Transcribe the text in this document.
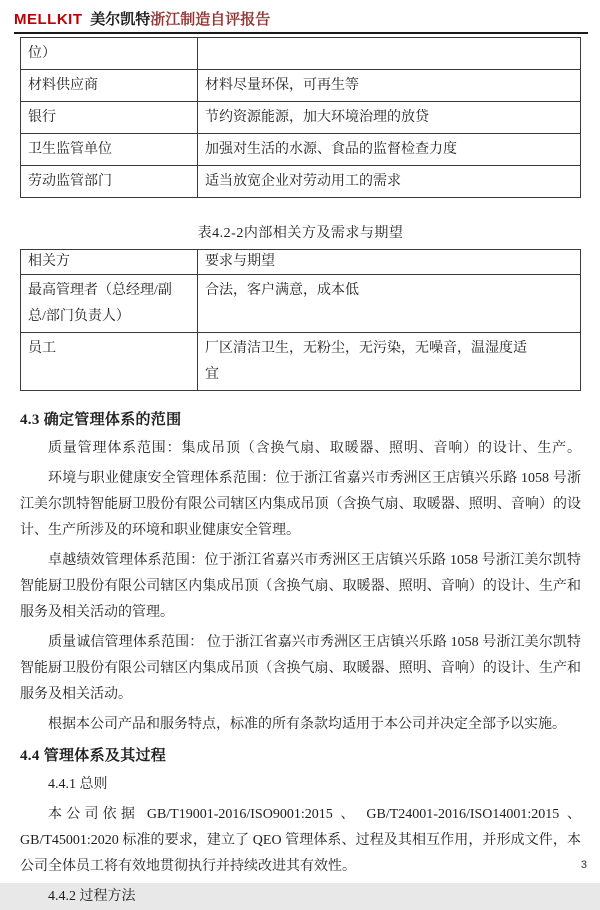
MELLKIT 美尔凯特浙江制造自评报告
位）	
材料供应商	材料尽量环保，可再生等
银行	节约资源能源，加大环境治理的放贷
卫生监管单位	加强对生活的水源、食品的监督检查力度
劳动监管部门	适当放宽企业对劳动用工的需求
表4.2-2内部相关方及需求与期望
相关方	要求与期望
最高管理者（总经理/副总/部门负责人）	合法，客户满意，成本低
员工	厂区清洁卫生，无粉尘，无污染，无噪音，温湿度适宜
4.3 确定管理体系的范围

质量管理体系范围：集成吊顶（含换气扇、取暖器、照明、音响）的设计、生产。

环境与职业健康安全管理体系范围：位于浙江省嘉兴市秀洲区王店镇兴乐路 1058 号浙江美尔凯特智能厨卫股份有限公司辖区内集成吊顶（含换气扇、取暖器、照明、音响）的设计、生产所涉及的环境和职业健康安全管理。

卓越绩效管理体系范围：位于浙江省嘉兴市秀洲区王店镇兴乐路 1058 号浙江美尔凯特智能厨卫股份有限公司辖区内集成吊顶（含换气扇、取暖器、照明、音响）的设计、生产和服务及相关活动的管理。

质量诚信管理体系范围： 位于浙江省嘉兴市秀洲区王店镇兴乐路 1058 号浙江美尔凯特智能厨卫股份有限公司辖区内集成吊顶（含换气扇、取暖器、照明、音响）的设计、生产和服务及相关活动。

根据本公司产品和服务特点，标准的所有条款均适用于本公司并决定全部予以实施。

4.4 管理体系及其过程

4.4.1 总则

本公司依据 GB/T19001-2016/ISO9001:2015 、 GB/T24001-2016/ISO14001:2015 、GB/T45001:2020 标准的要求，建立了 QEO 管理体系、过程及其相互作用，并形成文件，本公司全体员工将有效地贯彻执行并持续改进其有效性。

4.4.2 过程方法

3
